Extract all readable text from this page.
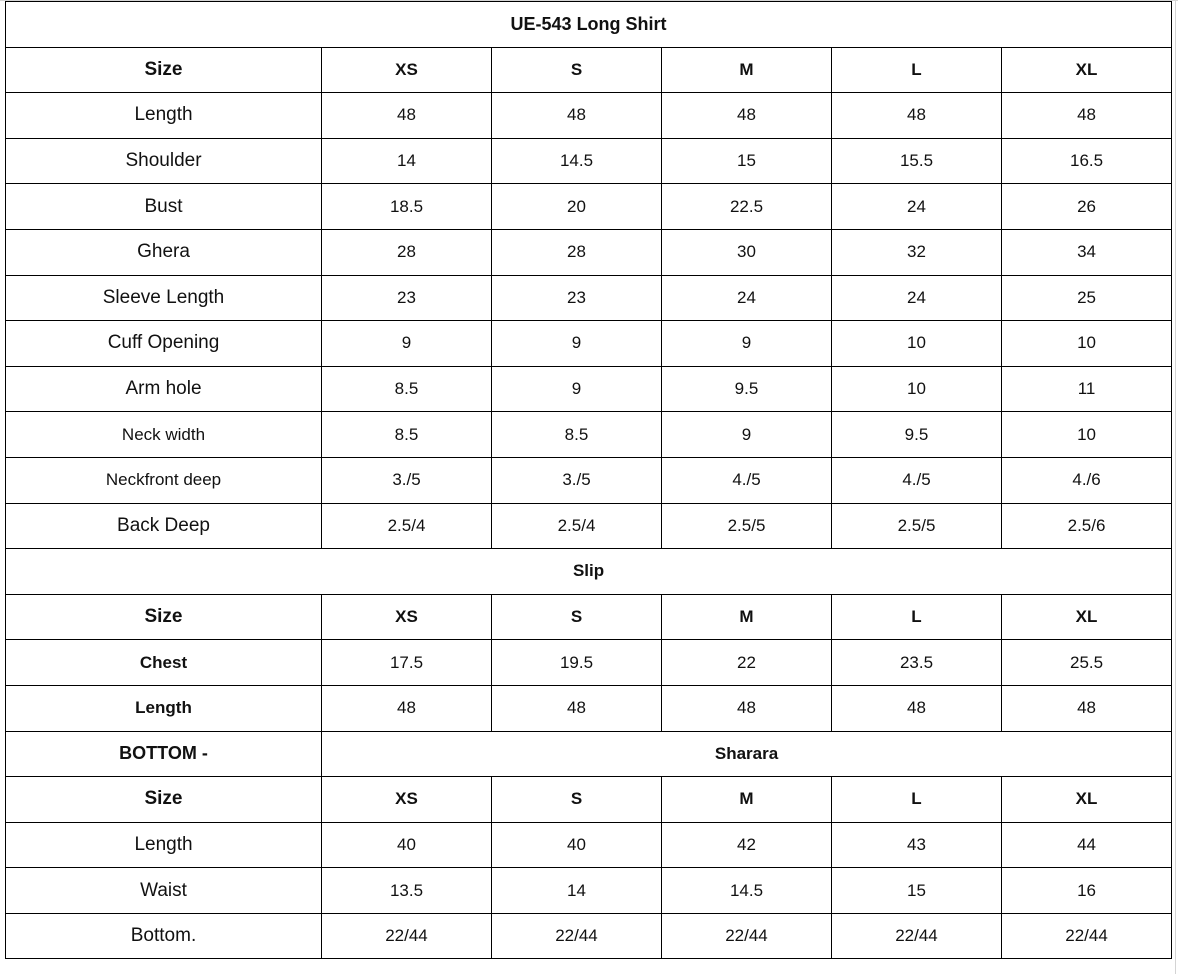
UE-543 Long Shirt					
Size	XS	S	M	L	XL
Length	48	48	48	48	48
Shoulder	14	14.5	15	15.5	16.5
Bust	18.5	20	22.5	24	26
Ghera	28	28	30	32	34
Sleeve Length	23	23	24	24	25
Cuff Opening	9	9	9	10	10
Arm hole	8.5	9	9.5	10	11
Neck width	8.5	8.5	9	9.5	10
Neckfront deep	3./5	3./5	4./5	4./5	4./6
Back Deep	2.5/4	2.5/4	2.5/5	2.5/5	2.5/6
Slip					
Size	XS	S	M	L	XL
Chest	17.5	19.5	22	23.5	25.5
Length	48	48	48	48	48
BOTTOM -	Sharara				
Size	XS	S	M	L	XL
Length	40	40	42	43	44
Waist	13.5	14	14.5	15	16
Bottom.	22/44	22/44	22/44	22/44	22/44
